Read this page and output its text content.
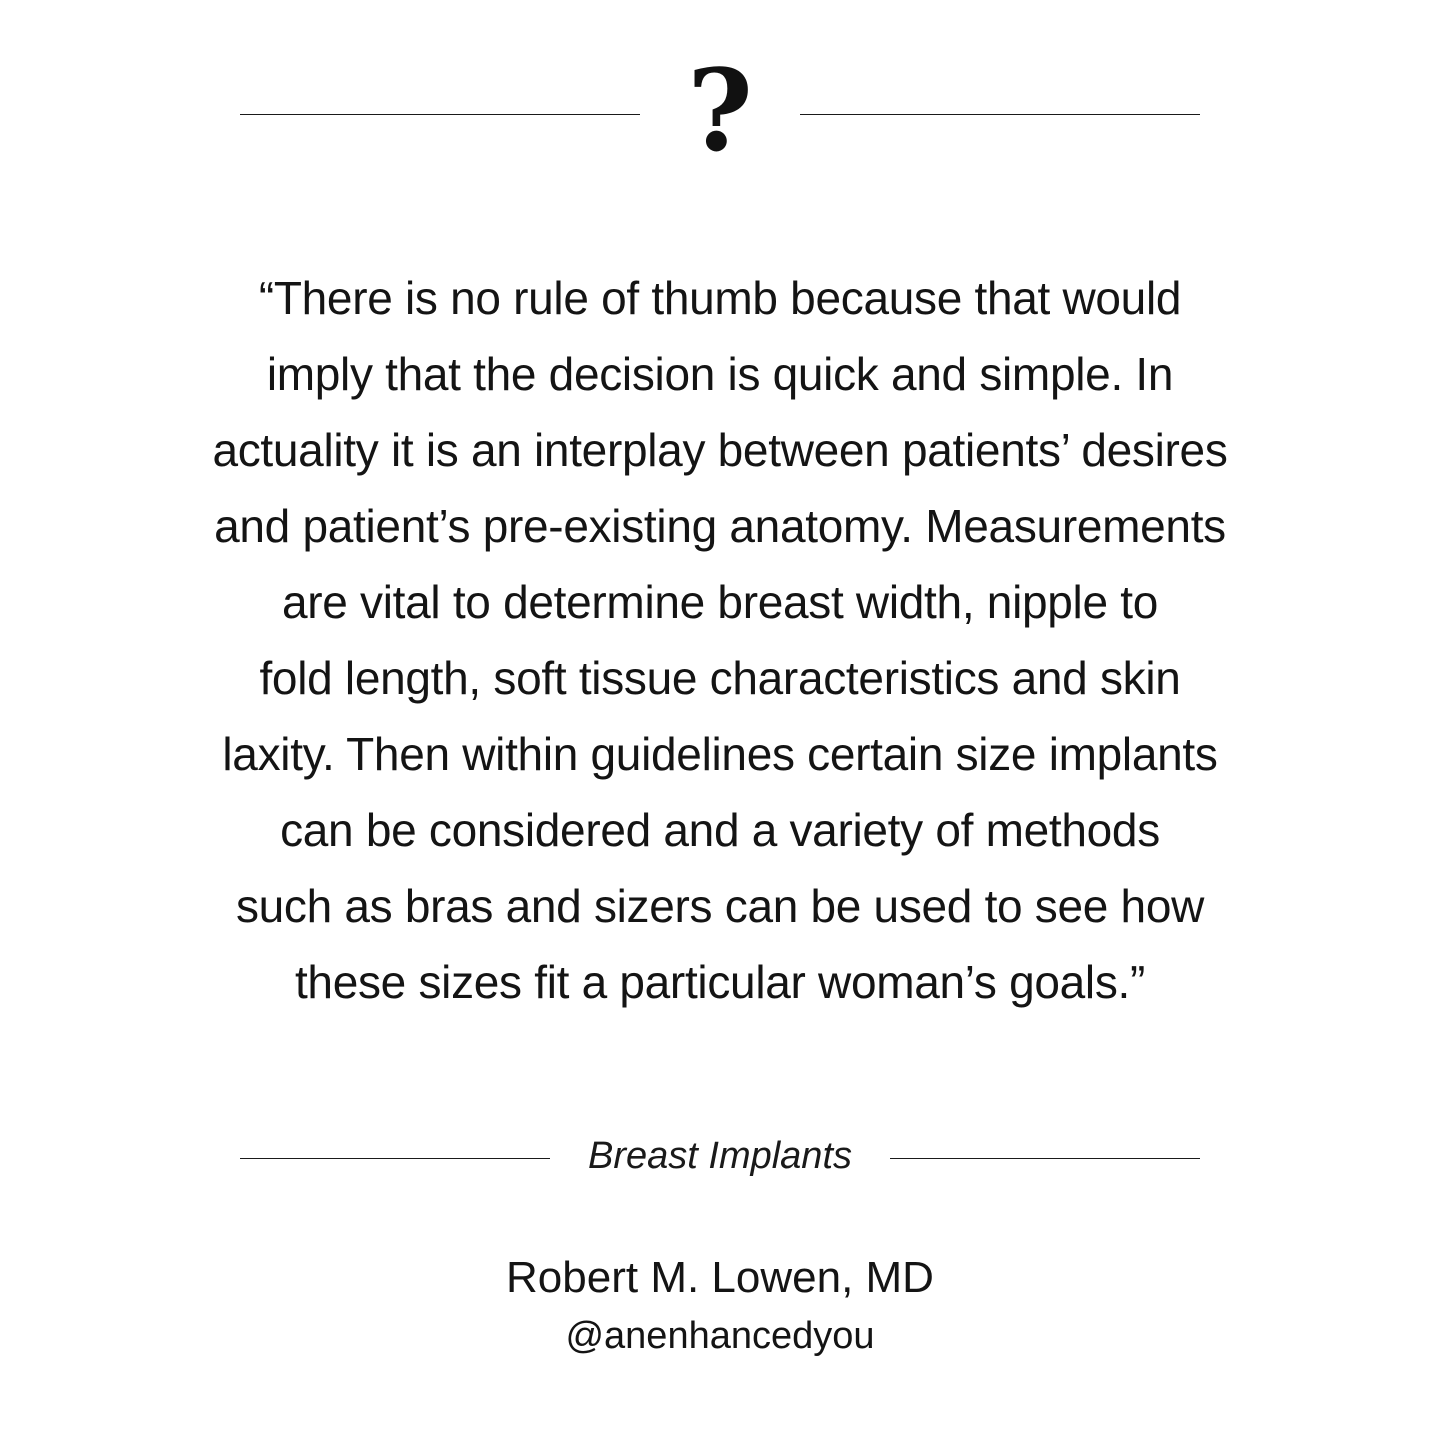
?

“There is no rule of thumb because that would
imply that the decision is quick and simple. In
actuality it is an interplay between patients’ desires
and patient’s pre-existing anatomy. Measurements
are vital to determine breast width, nipple to
fold length, soft tissue characteristics and skin
laxity. Then within guidelines certain size implants
can be considered and a variety of methods
such as bras and sizers can be used to see how
these sizes fit a particular woman’s goals.”

Breast Implants
Robert M. Lowen, MD
@anenhancedyou
